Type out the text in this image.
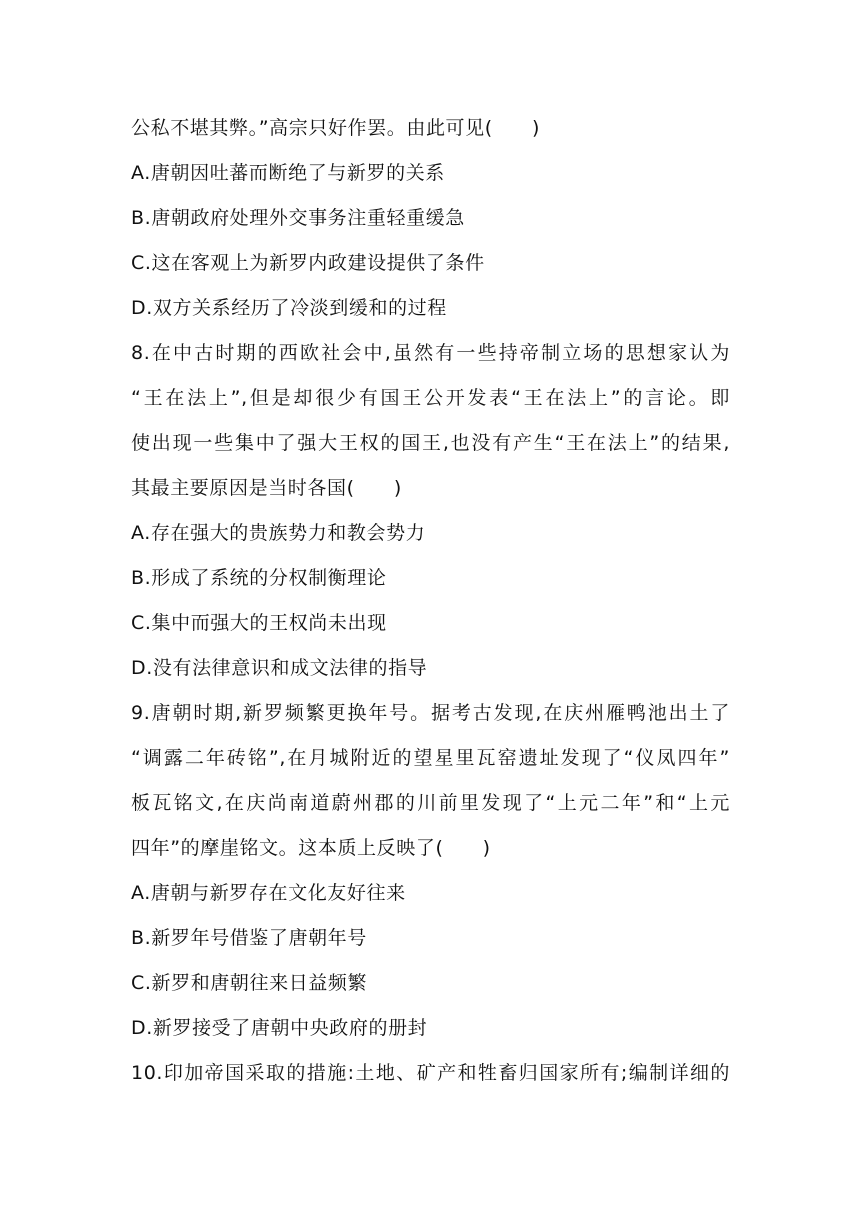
公私不堪其弊。”高宗只好作罢。由此可见(　　)
A.唐朝因吐蕃而断绝了与新罗的关系
B.唐朝政府处理外交事务注重轻重缓急
C.这在客观上为新罗内政建设提供了条件
D.双方关系经历了冷淡到缓和的过程
8.在中古时期的西欧社会中,虽然有一些持帝制立场的思想家认为
“王在法上”,但是却很少有国王公开发表“王在法上”的言论。即
使出现一些集中了强大王权的国王,也没有产生“王在法上”的结果,
其最主要原因是当时各国(　　)
A.存在强大的贵族势力和教会势力
B.形成了系统的分权制衡理论
C.集中而强大的王权尚未出现
D.没有法律意识和成文法律的指导
9.唐朝时期,新罗频繁更换年号。据考古发现,在庆州雁鸭池出土了
“调露二年砖铭”,在月城附近的望星里瓦窑遗址发现了“仪凤四年”
板瓦铭文,在庆尚南道蔚州郡的川前里发现了“上元二年”和“上元
四年”的摩崖铭文。这本质上反映了(　　)
A.唐朝与新罗存在文化友好往来
B.新罗年号借鉴了唐朝年号
C.新罗和唐朝往来日益频繁
D.新罗接受了唐朝中央政府的册封
10.印加帝国采取的措施:土地、矿产和牲畜归国家所有;编制详细的
